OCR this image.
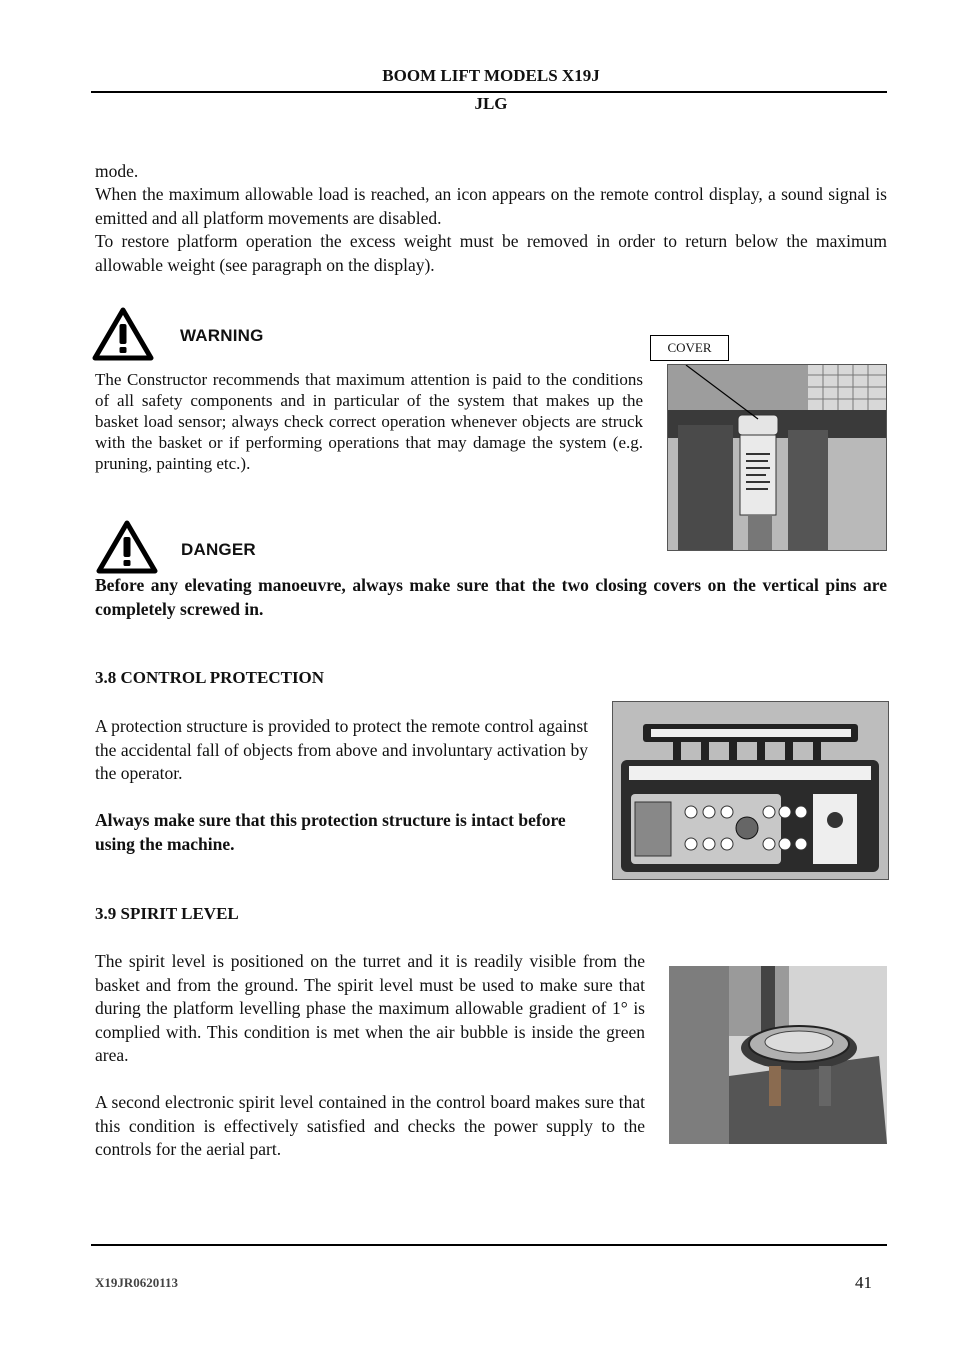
BOOM LIFT MODELS X19J
JLG
mode.
When the maximum allowable load is reached, an icon appears on the remote control display, a sound signal is emitted and all platform movements are disabled.
To restore platform operation the excess weight must be removed in order to return below the maximum allowable weight (see paragraph on the display).
WARNING
The Constructor recommends that maximum attention is paid to the conditions of all safety components and in particular of the system that makes up the basket load sensor; always check correct operation whenever objects are struck with the basket or if performing operations that may damage the system (e.g. pruning, painting etc.).
COVER
DANGER
Before any elevating manoeuvre, always make sure that the two closing covers on the vertical pins are completely screwed in.
3.8 CONTROL PROTECTION
A protection structure is provided to protect the remote control against the accidental fall of objects from above and involuntary activation by the operator.
Always make sure that this protection structure is intact before using the machine.
3.9 SPIRIT LEVEL
The spirit level is positioned on the turret and it is readily visible from the basket and from the ground. The spirit level must be used to make sure that during the platform levelling phase the maximum allowable gradient of 1° is complied with. This condition is met when the air bubble is inside the green area.
A second electronic spirit level contained in the control board makes sure that this condition is effectively satisfied and checks the power supply to the controls for the aerial part.
X19JR0620113	41
